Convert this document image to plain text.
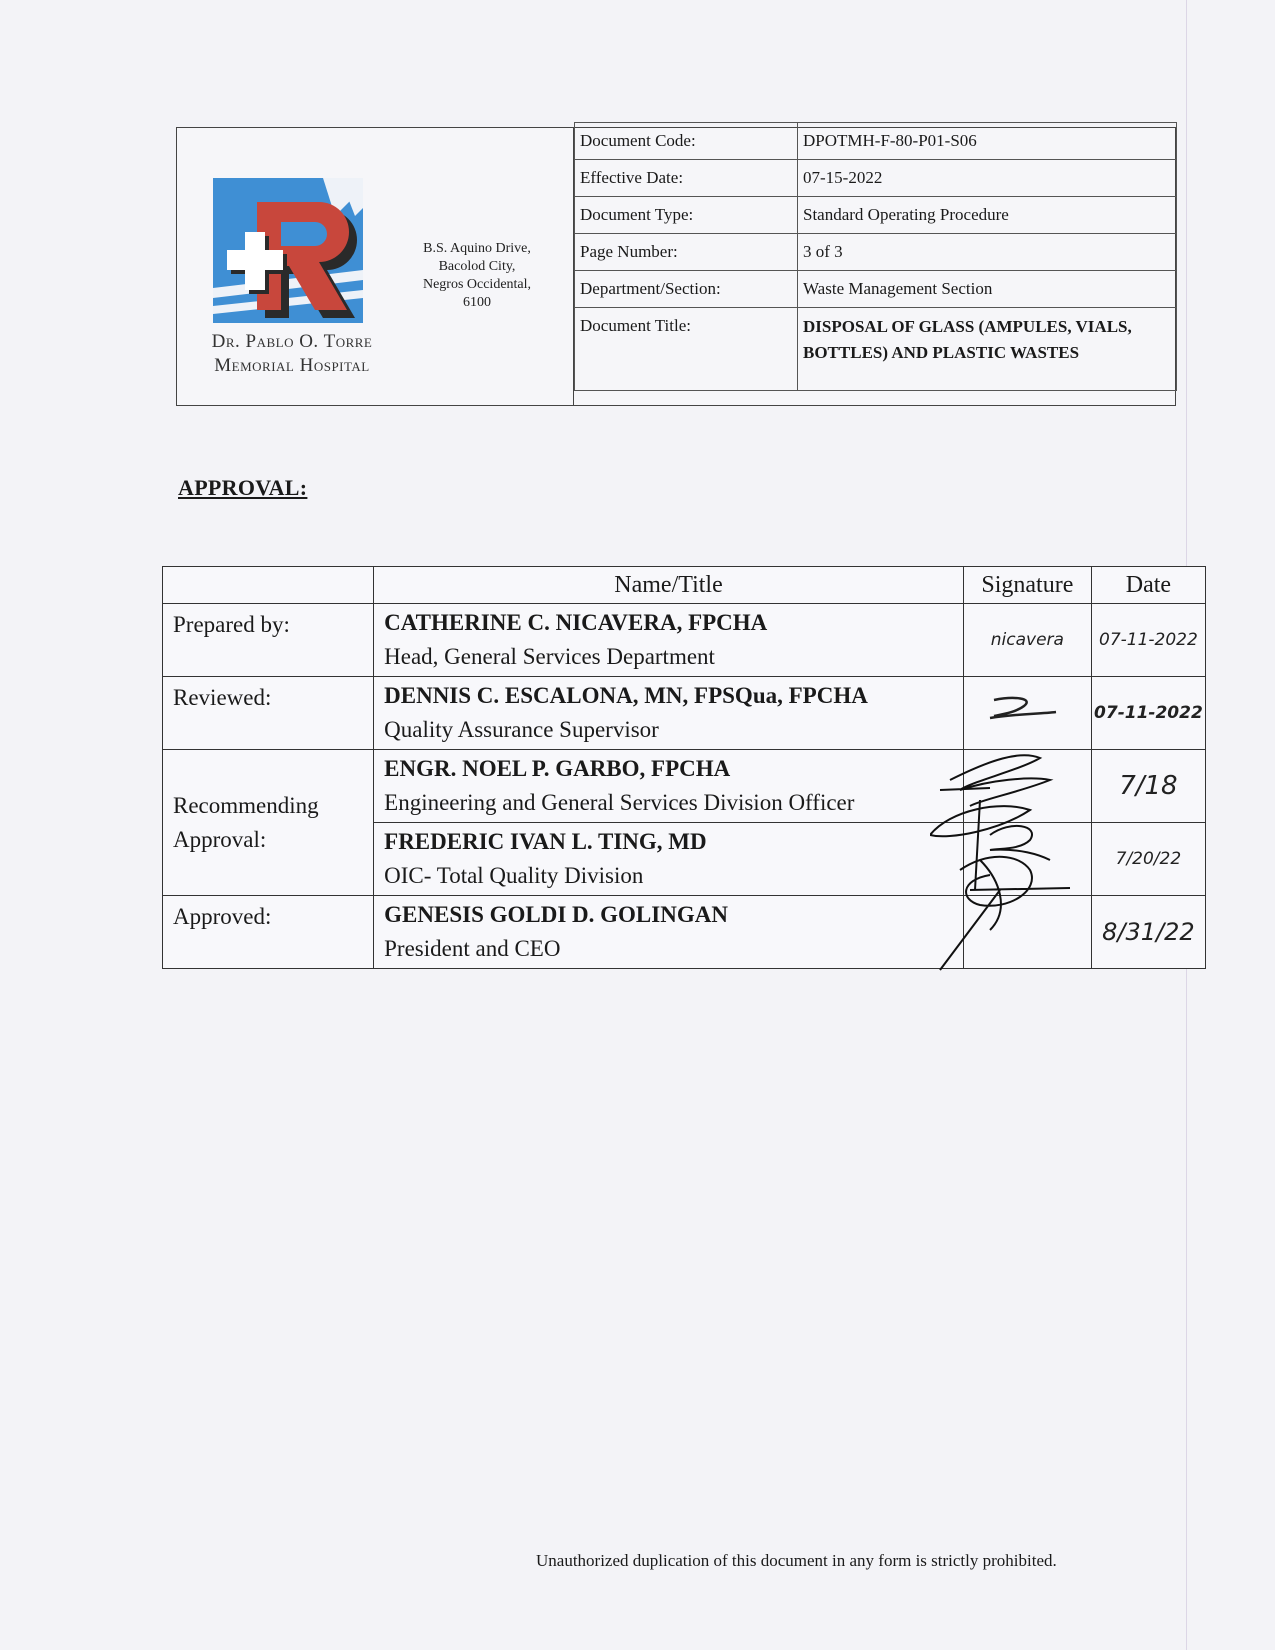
Dr. Pablo O. Torre
Memorial Hospital
B.S. Aquino Drive,
Bacolod City,
Negros Occidental,
6100
Document Code:	DPOTMH-F-80-P01-S06
Effective Date:	07-15-2022
Document Type:	Standard Operating Procedure
Page Number:	3 of 3
Department/Section:	Waste Management Section
Document Title:	DISPOSAL OF GLASS (AMPULES, VIALS, BOTTLES) AND PLASTIC WASTES
APPROVAL:
	Name/Title	Signature	Date
Prepared by:	CATHERINE C. NICAVERA, FPCHA
Head, General Services Department	nicavera	07-11-2022

Reviewed:	DENNIS C. ESCALONA, MN, FPSQua, FPCHA
Quality Assurance Supervisor		07-11-2022

Recommending Approval:	ENGR. NOEL P. GARBO, FPCHA
Engineering and General Services Division Officer		7/18

	FREDERIC IVAN L. TING, MD
OIC- Total Quality Division		7/20/22

Approved:	GENESIS GOLDI D. GOLINGAN
President and CEO		8/31/22
Unauthorized duplication of this document in any form is strictly prohibited.
